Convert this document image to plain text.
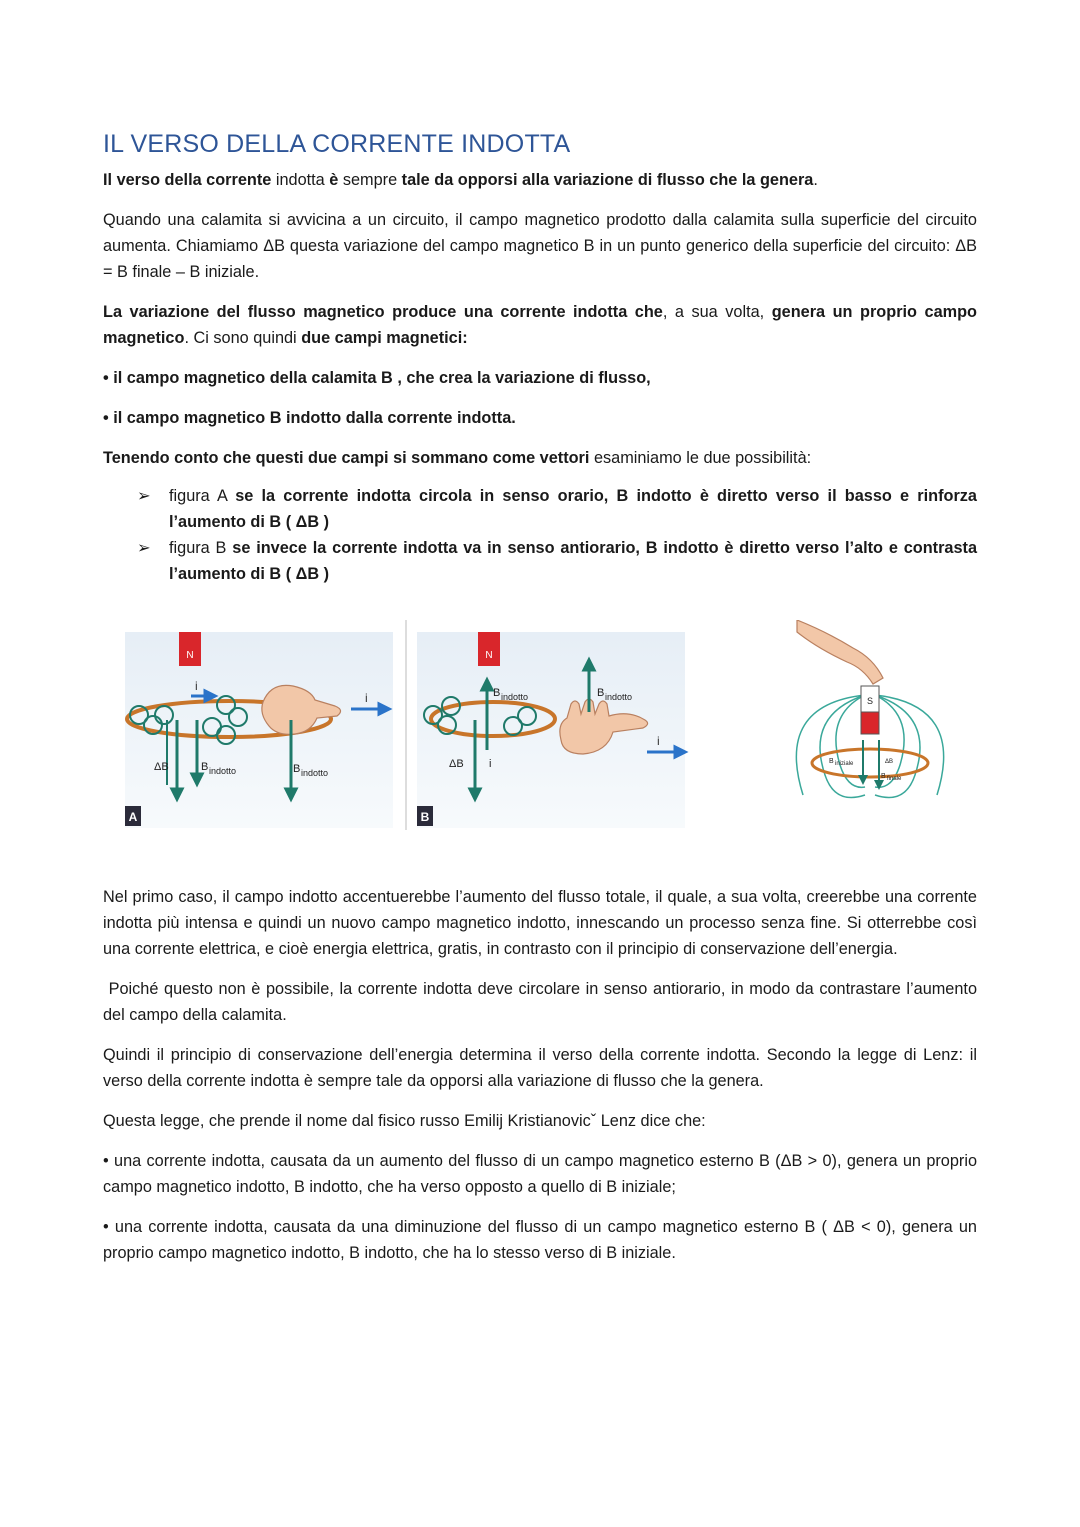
IL VERSO DELLA CORRENTE INDOTTA

Il verso della corrente indotta è sempre tale da opporsi alla variazione di flusso che la genera.

Quando una calamita si avvicina a un circuito, il campo magnetico prodotto dalla calamita sulla superficie del circuito aumenta. Chiamiamo ΔB questa variazione del campo magnetico B in un punto generico della superficie del circuito: ΔB = B finale – B iniziale.

La variazione del flusso magnetico produce una corrente indotta che, a sua volta, genera un proprio campo magnetico. Ci sono quindi due campi magnetici:

• il campo magnetico della calamita B , che crea la variazione di flusso,

• il campo magnetico B indotto dalla corrente indotta.

Tenendo conto che questi due campi si sommano come vettori esaminiamo le due possibilità:

➢ figura A se la corrente indotta circola in senso orario, B indotto è diretto verso il basso e rinforza l’aumento di B ( ΔB )
➢ figura B se invece la corrente indotta va in senso antiorario, B indotto è diretto verso l’alto e contrasta l’aumento di B ( ΔB )
N
i
ΔB	B indotto	B indotto
i
A
N
B indotto
ΔB i
B indotto
i
B
S
B iniziale	ΔB
B finale

Nel primo caso, il campo indotto accentuerebbe l’aumento del flusso totale, il quale, a sua volta, creerebbe una corrente indotta più intensa e quindi un nuovo campo magnetico indotto, innescando un processo senza fine. Si otterrebbe così una corrente elettrica, e cioè energia elettrica, gratis, in contrasto con il principio di conservazione dell’energia.

Poiché questo non è possibile, la corrente indotta deve circolare in senso antiorario, in modo da contrastare l’aumento del campo della calamita.

Quindi il principio di conservazione dell’energia determina il verso della corrente indotta. Secondo la legge di Lenz: il verso della corrente indotta è sempre tale da opporsi alla variazione di flusso che la genera.

Questa legge, che prende il nome dal fisico russo Emilij Kristianovicˇ Lenz dice che:

• una corrente indotta, causata da un aumento del flusso di un campo magnetico esterno B (ΔB > 0), genera un proprio campo magnetico indotto, B indotto, che ha verso opposto a quello di B iniziale;

• una corrente indotta, causata da una diminuzione del flusso di un campo magnetico esterno B ( ΔB < 0), genera un proprio campo magnetico indotto, B indotto, che ha lo stesso verso di B iniziale.
